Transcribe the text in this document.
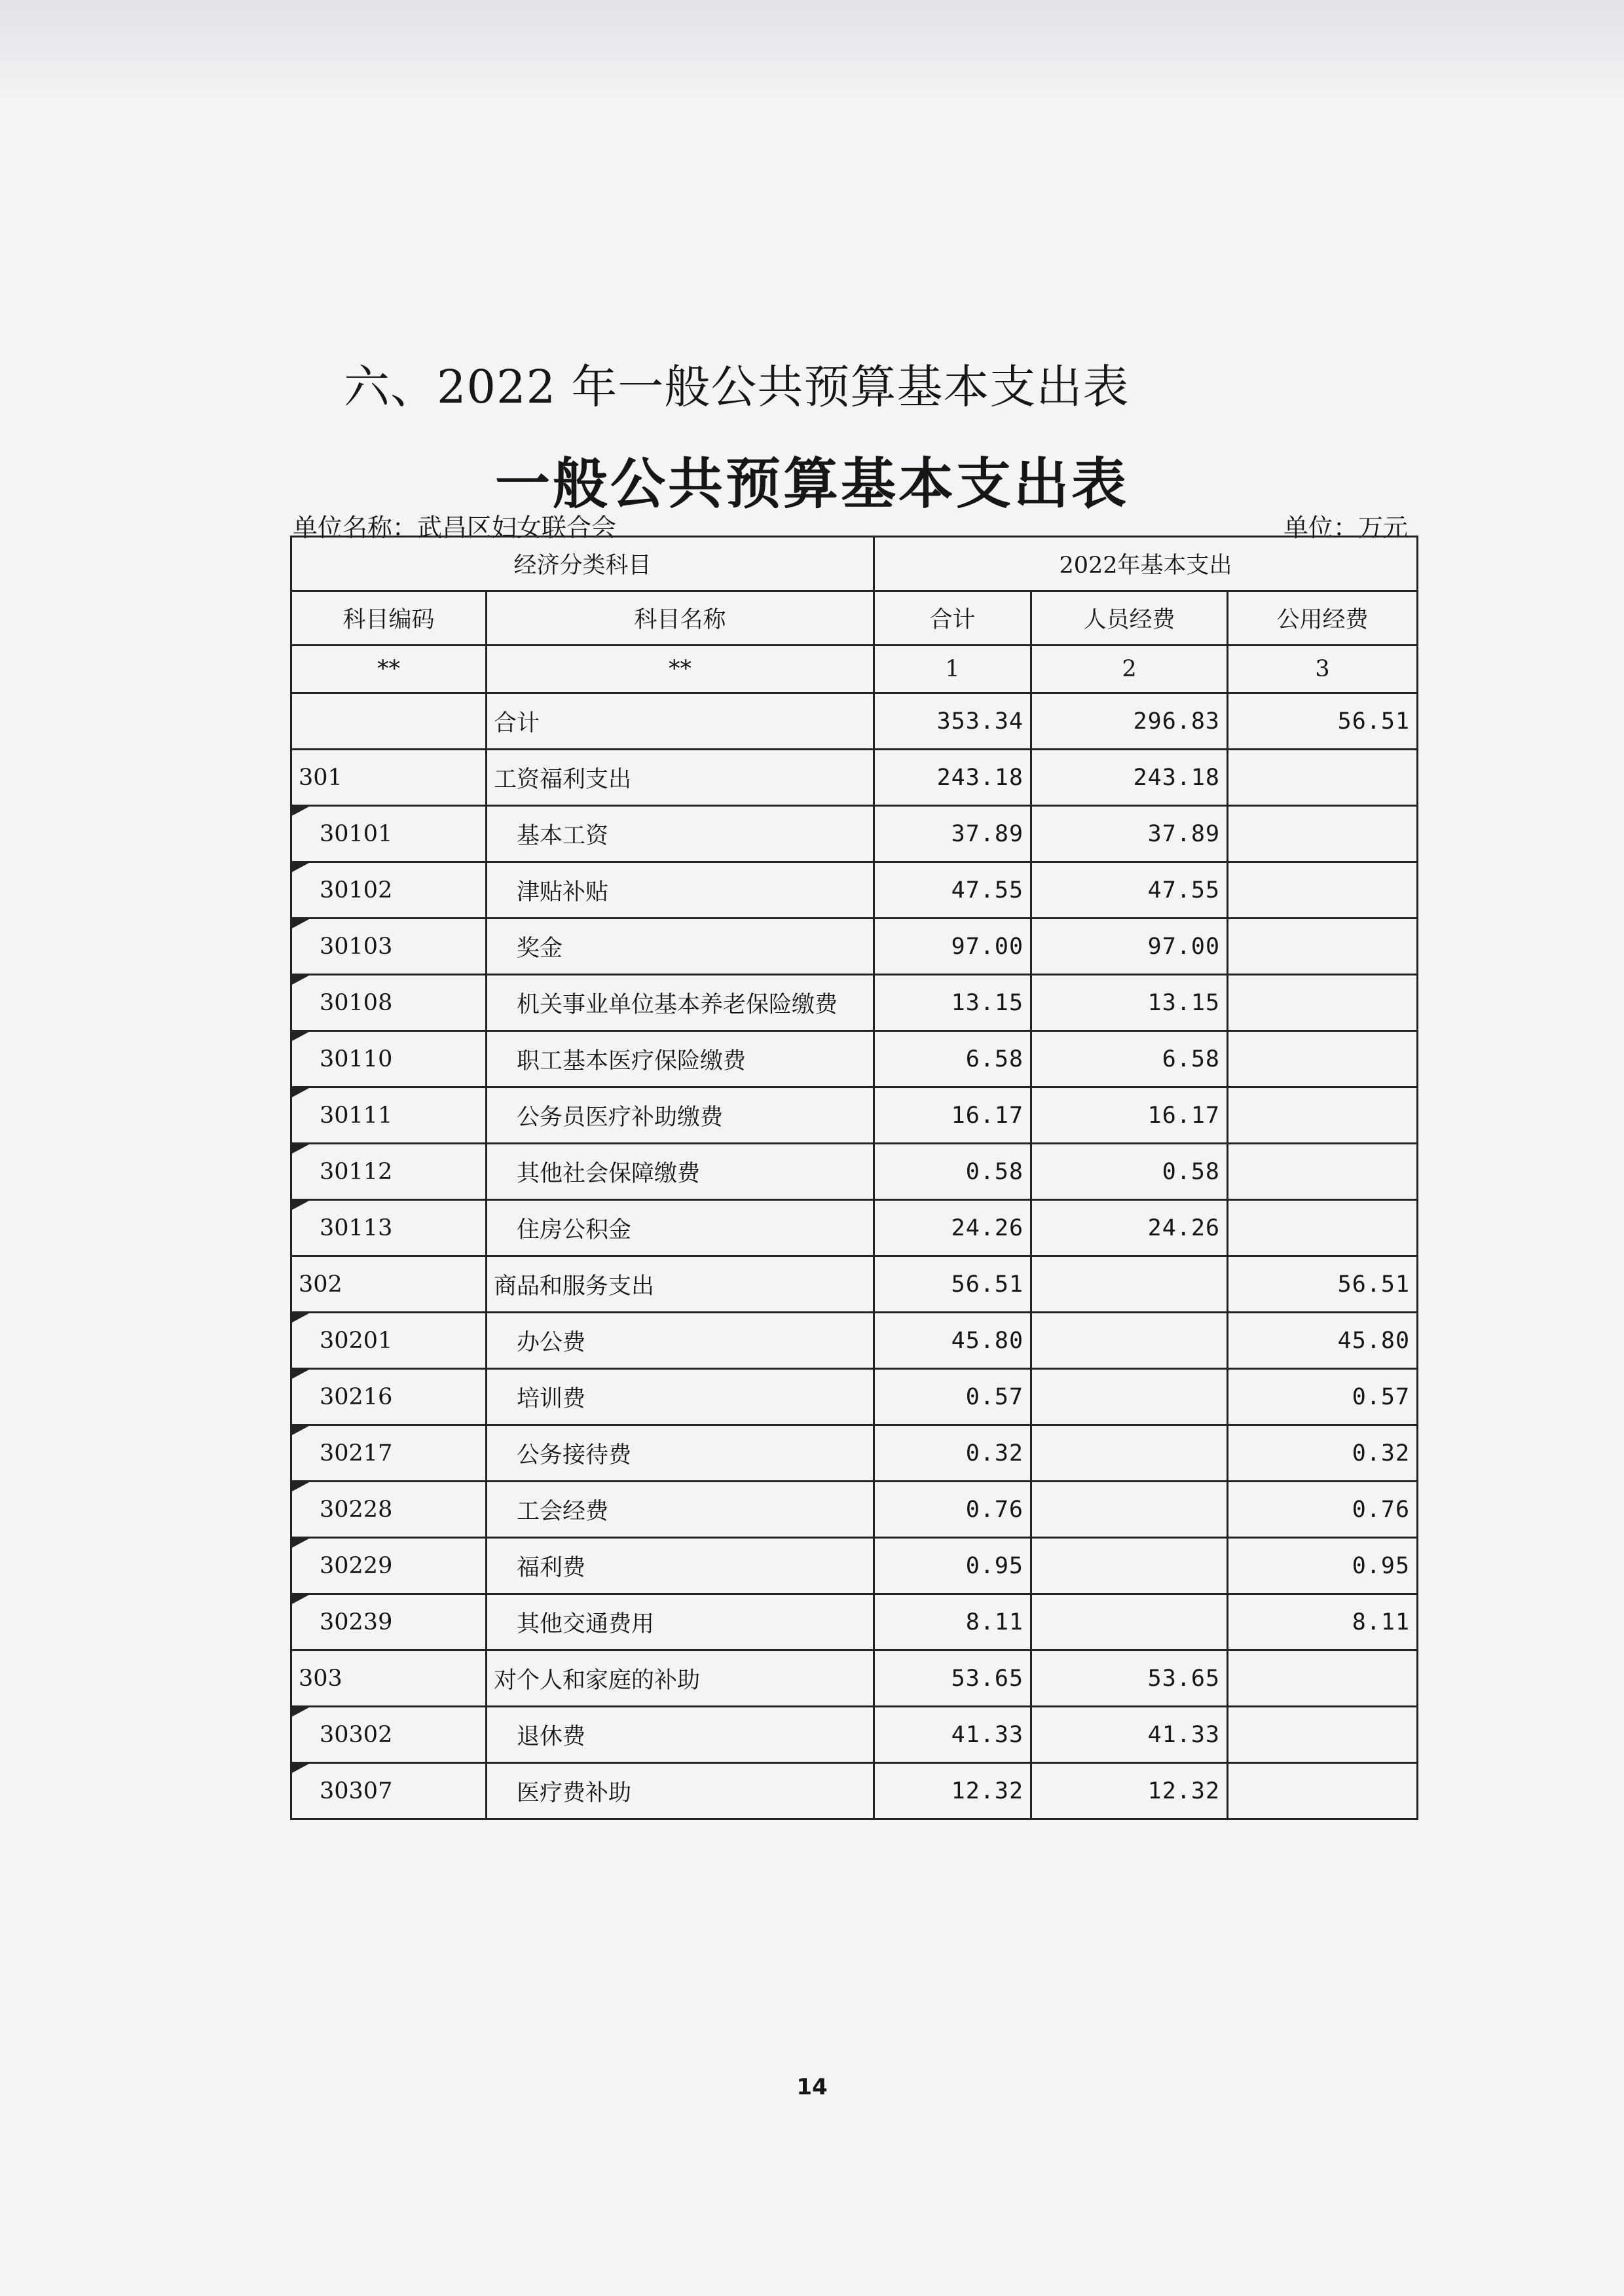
六、2022 年一般公共预算基本支出表
一般公共预算基本支出表
单位名称：武昌区妇女联合会	单位：万元
经济分类科目		2022年基本支出		
科目编码	科目名称	合计	人员经费	公用经费
**	**	1	2	3
	合计	353.34	296.83	56.51
301	工资福利支出	243.18	243.18	
30101	基本工资	37.89	37.89	
30102	津贴补贴	47.55	47.55	
30103	奖金	97.00	97.00	
30108	机关事业单位基本养老保险缴费	13.15	13.15	
30110	职工基本医疗保险缴费	6.58	6.58	
30111	公务员医疗补助缴费	16.17	16.17	
30112	其他社会保障缴费	0.58	0.58	
30113	住房公积金	24.26	24.26	
302	商品和服务支出	56.51		56.51
30201	办公费	45.80		45.80
30216	培训费	0.57		0.57
30217	公务接待费	0.32		0.32
30228	工会经费	0.76		0.76
30229	福利费	0.95		0.95
30239	其他交通费用	8.11		8.11
303	对个人和家庭的补助	53.65	53.65	
30302	退休费	41.33	41.33	
30307	医疗费补助	12.32	12.32	
14
